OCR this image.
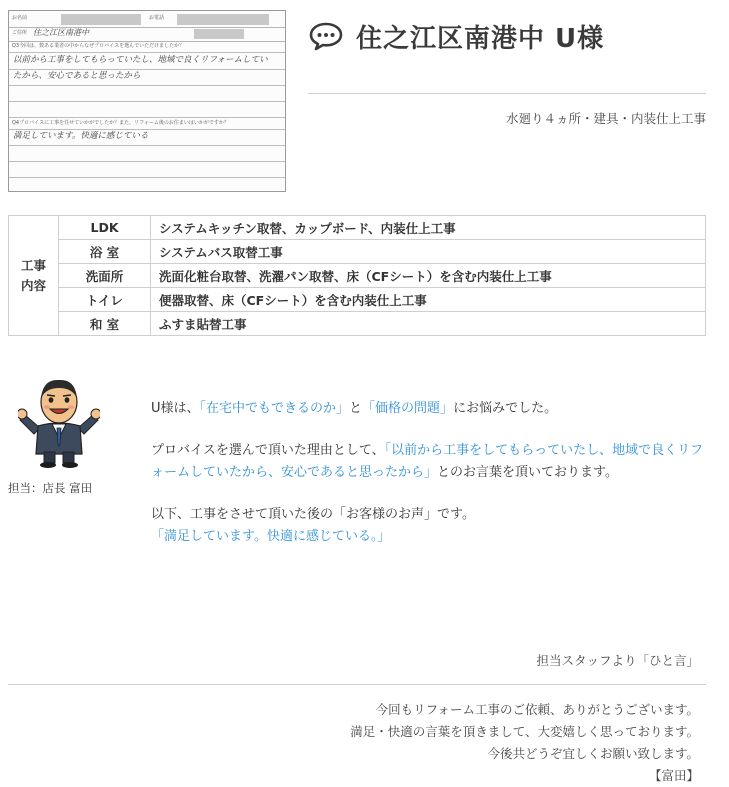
お名前	お電話
ご住所 住之江区南港中
Q3今回は、数ある業者の中からなぜプロバイスを選んでいただけましたか？
以前から工事をしてもらっていたし、地域で良くリフォームしてい
たから、安心であると思ったから
Q4プロバイスに工事を任せていかがでしたか？また、リフォーム後のお住まいはいかがですか？
満足しています。快適に感じている
住之江区南港中 U様
水廻り４ヵ所・建具・内装仕上工事
工事
内容	LDK	システムキッチン取替、カップボード、内装仕上工事
	浴 室	システムバス取替工事
	洗面所	洗面化粧台取替、洗濯パン取替、床（CFシート）を含む内装仕上工事
	トイレ	便器取替、床（CFシート）を含む内装仕上工事
	和 室	ふすま貼替工事
担当：店長 富田

U様は、「在宅中でもできるのか」と「価格の問題」にお悩みでした。

プロバイスを選んで頂いた理由として、「以前から工事をしてもらっていたし、地域で良くリフォームしていたから、安心であると思ったから」とのお言葉を頂いております。

以下、工事をさせて頂いた後の「お客様のお声」です。
「満足しています。快適に感じている。」

担当スタッフより「ひと言」
今回もリフォーム工事のご依頼、ありがとうございます。
満足・快適の言葉を頂きまして、大変嬉しく思っております。
今後共どうぞ宜しくお願い致します。
【富田】
